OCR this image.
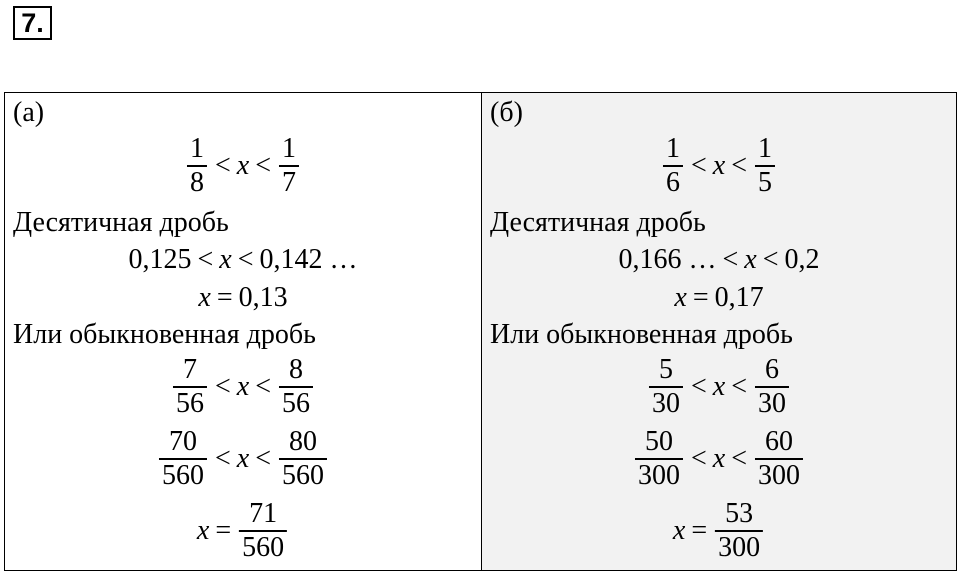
7.
(а)
$\frac{1}{8} < x < \frac{1}{7}$
Десятичная дробь
0,125 < x < 0,142 …
x = 0,13
Или обыкновенная дробь
$\frac{7}{56} < x < \frac{8}{56}$
$\frac{70}{560} < x < \frac{80}{560}$
$x = \frac{71}{560}$
(б)
$\frac{1}{6} < x < \frac{1}{5}$
Десятичная дробь
0,166 … < x < 0,2
x = 0,17
Или обыкновенная дробь
$\frac{5}{30} < x < \frac{6}{30}$
$\frac{50}{300} < x < \frac{60}{300}$
$x = \frac{53}{300}$
